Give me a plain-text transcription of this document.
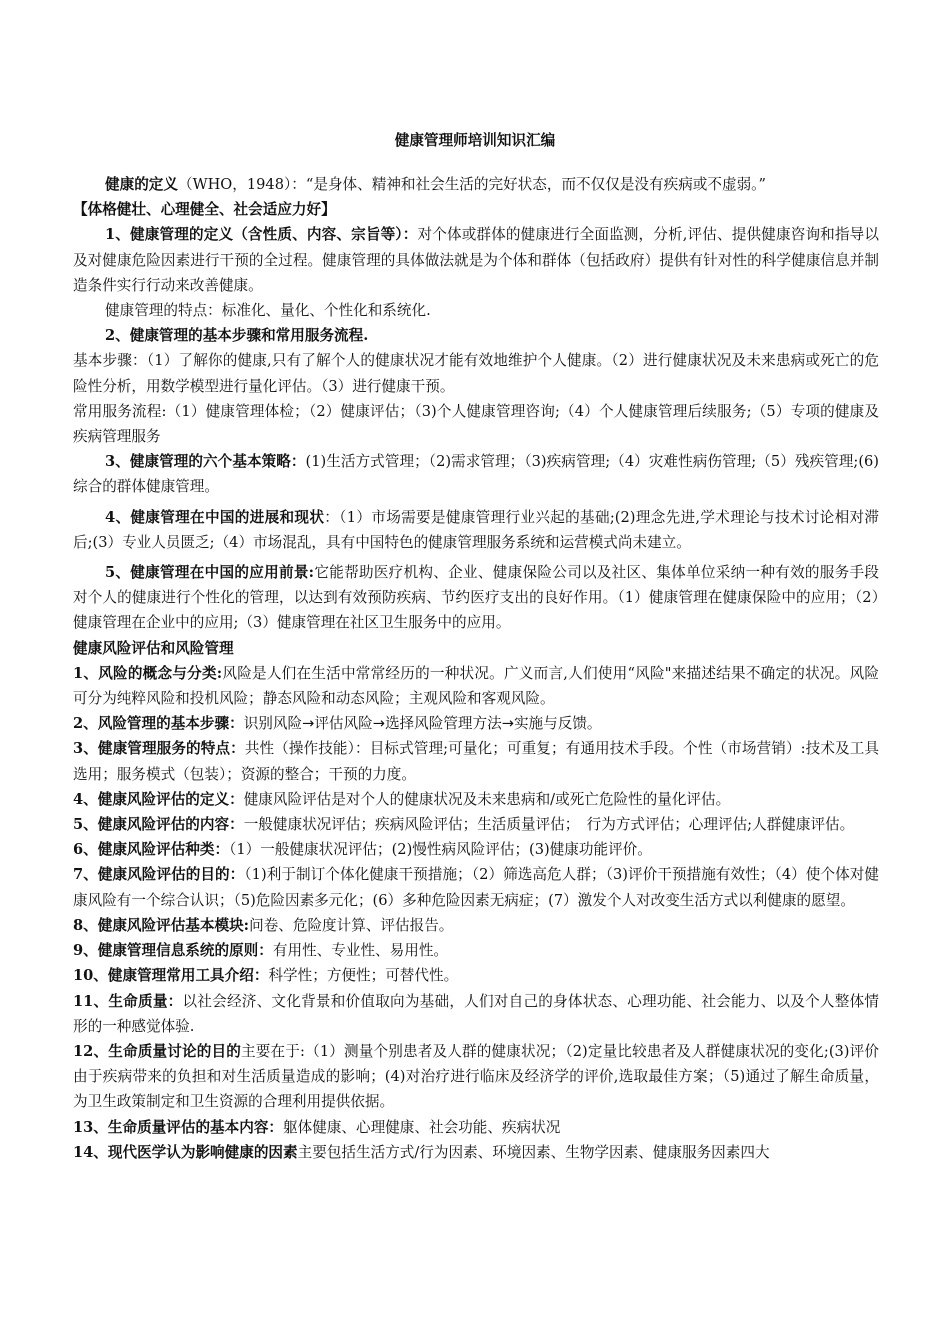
健康管理师培训知识汇编

健康的定义（WHO，1948）：“是身体、精神和社会生活的完好状态，而不仅仅是没有疾病或不虚弱。”

【体格健壮、心理健全、社会适应力好】

1、健康管理的定义（含性质、内容、宗旨等）：对个体或群体的健康进行全面监测，分析,评估、提供健康咨询和指导以及对健康危险因素进行干预的全过程。健康管理的具体做法就是为个体和群体（包括政府）提供有针对性的科学健康信息并制造条件实行行动来改善健康。

健康管理的特点：标准化、量化、个性化和系统化.

2、健康管理的基本步骤和常用服务流程.

基本步骤：（1）了解你的健康,只有了解个人的健康状况才能有效地维护个人健康。（2）进行健康状况及未来患病或死亡的危险性分析，用数学模型进行量化评估。（3）进行健康干预。

常用服务流程:（1）健康管理体检；（2）健康评估；（3)个人健康管理咨询;（4）个人健康管理后续服务;（5）专项的健康及疾病管理服务

3、健康管理的六个基本策略：(1)生活方式管理；（2)需求管理；（3)疾病管理;（4）灾难性病伤管理;（5）残疾管理;(6)综合的群体健康管理。

4、健康管理在中国的进展和现状：（1）市场需要是健康管理行业兴起的基础;(2)理念先进,学术理论与技术讨论相对滞后;(3）专业人员匮乏;（4）市场混乱，具有中国特色的健康管理服务系统和运营模式尚未建立。

5、健康管理在中国的应用前景:它能帮助医疗机构、企业、健康保险公司以及社区、集体单位采纳一种有效的服务手段对个人的健康进行个性化的管理，以达到有效预防疾病、节约医疗支出的良好作用。（1）健康管理在健康保险中的应用；（2）健康管理在企业中的应用;（3）健康管理在社区卫生服务中的应用。

健康风险评估和风险管理

1、风险的概念与分类:风险是人们在生活中常常经历的一种状况。广义而言,人们使用“风险"来描述结果不确定的状况。风险可分为纯粹风险和投机风险；静态风险和动态风险；主观风险和客观风险。

2、风险管理的基本步骤：识别风险→评估风险→选择风险管理方法→实施与反馈。

3、健康管理服务的特点：共性（操作技能）：目标式管理;可量化；可重复；有通用技术手段。个性（市场营销）:技术及工具选用；服务模式（包装）；资源的整合；干预的力度。

4、健康风险评估的定义：健康风险评估是对个人的健康状况及未来患病和/或死亡危险性的量化评估。

5、健康风险评估的内容：一般健康状况评估；疾病风险评估；生活质量评估；　行为方式评估；心理评估;人群健康评估。

6、健康风险评估种类：（1）一般健康状况评估；(2)慢性病风险评估；(3)健康功能评价。

7、健康风险评估的目的：（1)利于制订个体化健康干预措施；（2）筛选高危人群；（3)评价干预措施有效性；（4）使个体对健康风险有一个综合认识；（5)危险因素多元化；(6）多种危险因素无病症；(7）激发个人对改变生活方式以利健康的愿望。

8、健康风险评估基本模块:问卷、危险度计算、评估报告。

9、健康管理信息系统的原则：有用性、专业性、易用性。

10、健康管理常用工具介绍：科学性；方便性；可替代性。

11、生命质量：以社会经济、文化背景和价值取向为基础，人们对自己的身体状态、心理功能、社会能力、以及个人整体情形的一种感觉体验.

12、生命质量讨论的目的主要在于:（1）测量个别患者及人群的健康状况；（2)定量比较患者及人群健康状况的变化;(3)评价由于疾病带来的负担和对生活质量造成的影响；(4)对治疗进行临床及经济学的评价,选取最佳方案；（5)通过了解生命质量，为卫生政策制定和卫生资源的合理利用提供依据。

13、生命质量评估的基本内容：躯体健康、心理健康、社会功能、疾病状况

14、现代医学认为影响健康的因素主要包括生活方式/行为因素、环境因素、生物学因素、健康服务因素四大
